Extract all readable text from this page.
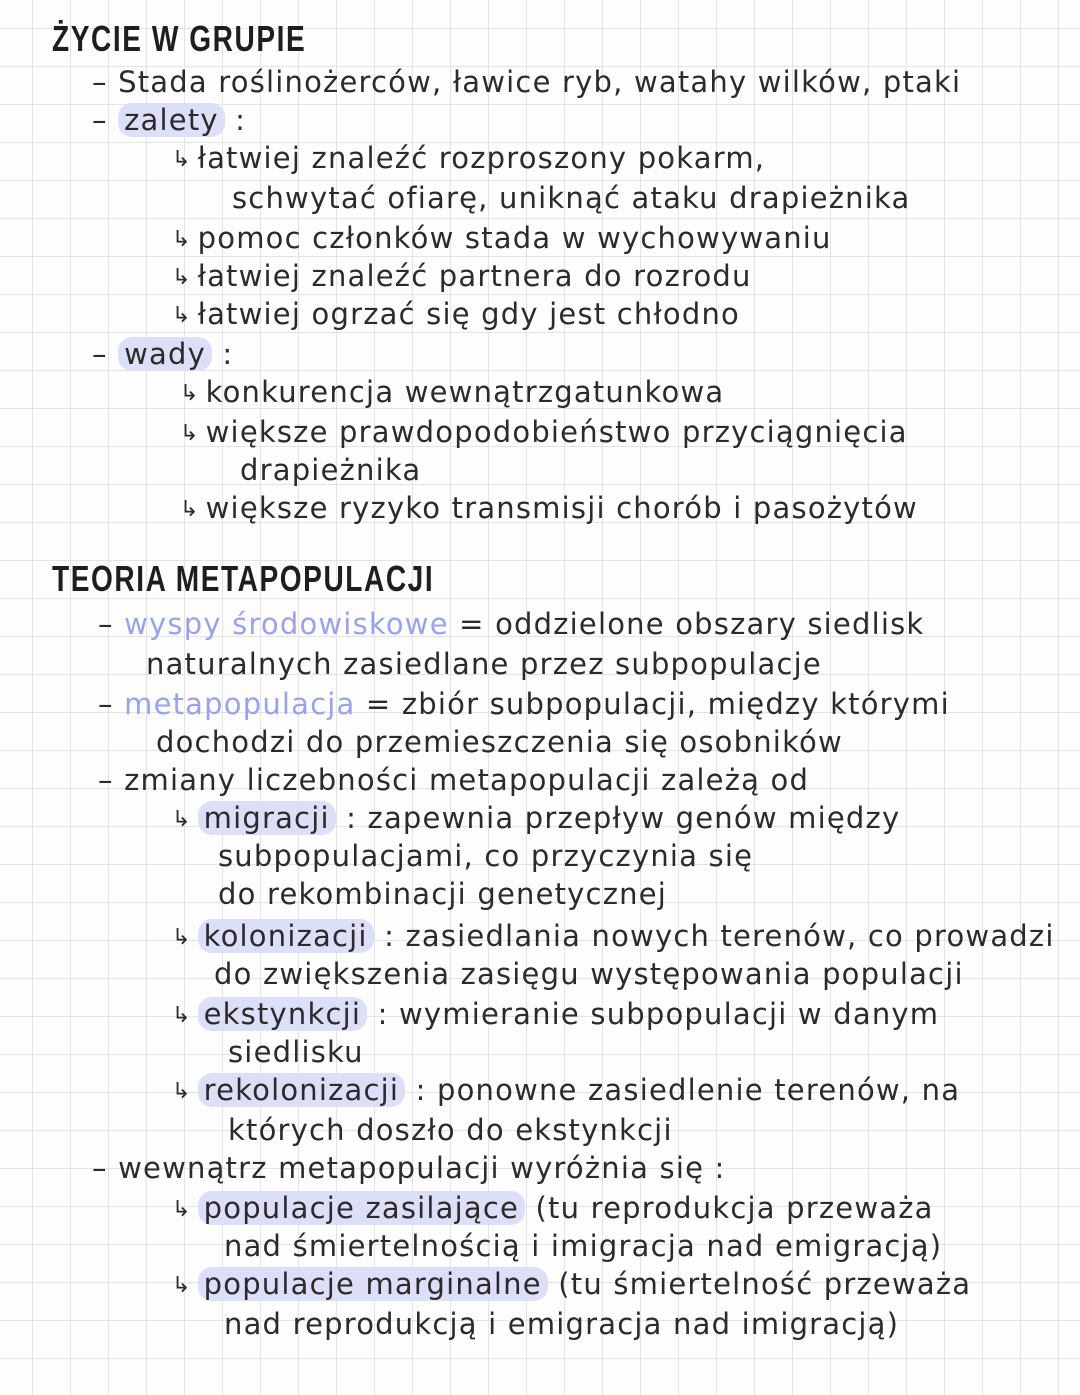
ŻYCIE W GRUPIE
– Stada roślinożerców, ławice ryb, watahy wilków, ptaki
– zalety :
↳ łatwiej znaleźć rozproszony pokarm,
schwytać ofiarę, uniknąć ataku drapieżnika
↳ pomoc członków stada w wychowywaniu
↳ łatwiej znaleźć partnera do rozrodu
↳ łatwiej ogrzać się gdy jest chłodno
– wady :
↳ konkurencja wewnątrzgatunkowa
↳ większe prawdopodobieństwo przyciągnięcia
drapieżnika
↳ większe ryzyko transmisji chorób i pasożytów
TEORIA METAPOPULACJI
– wyspy środowiskowe = oddzielone obszary siedlisk
naturalnych zasiedlane przez subpopulacje
– metapopulacja = zbiór subpopulacji, między którymi
dochodzi do przemieszczenia się osobników
– zmiany liczebności metapopulacji zależą od
↳ migracji : zapewnia przepływ genów między
subpopulacjami, co przyczynia się
do rekombinacji genetycznej
↳ kolonizacji : zasiedlania nowych terenów, co prowadzi
do zwiększenia zasięgu występowania populacji
↳ ekstynkcji : wymieranie subpopulacji w danym
siedlisku
↳ rekolonizacji : ponowne zasiedlenie terenów, na
których doszło do ekstynkcji
– wewnątrz metapopulacji wyróżnia się :
↳ populacje zasilające (tu reprodukcja przeważa
nad śmiertelnością i imigracja nad emigracją)
↳ populacje marginalne (tu śmiertelność przeważa
nad reprodukcją i emigracja nad imigracją)
